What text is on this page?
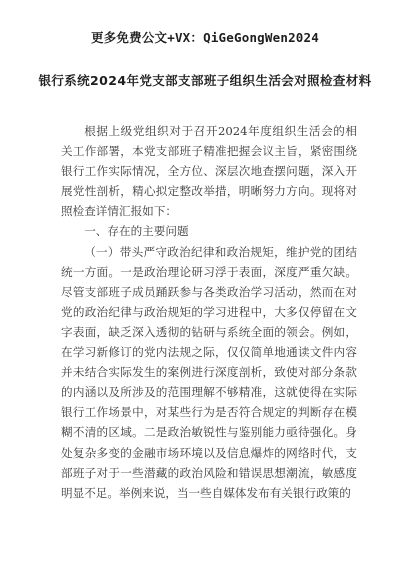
更多免费公文+VX：QiGeGongWen2024
银行系统2024年党支部支部班子组织生活会对照检查材料

根据上级党组织对于召开2024年度组织生活会的相关工作部署，本党支部班子精准把握会议主旨，紧密围绕银行工作实际情况，全方位、深层次地查摆问题，深入开展党性剖析，精心拟定整改举措，明晰努力方向。现将对照检查详情汇报如下：

一、存在的主要问题

（一）带头严守政治纪律和政治规矩，维护党的团结统一方面。一是政治理论研习浮于表面，深度严重欠缺。尽管支部班子成员踊跃参与各类政治学习活动，然而在对党的政治纪律与政治规矩的学习进程中，大多仅停留在文字表面，缺乏深入透彻的钻研与系统全面的领会。例如，在学习新修订的党内法规之际，仅仅简单地通读文件内容并未结合实际发生的案例进行深度剖析，致使对部分条款的内涵以及所涉及的范围理解不够精准，这就使得在实际银行工作场景中，对某些行为是否符合规定的判断存在模糊不清的区域。二是政治敏锐性与鉴别能力亟待强化。身处复杂多变的金融市场环境以及信息爆炸的网络时代，支部班子对于一些潜藏的政治风险和错误思想潮流，敏感度明显不足。举例来说，当一些自媒体发布有关银行政策的
